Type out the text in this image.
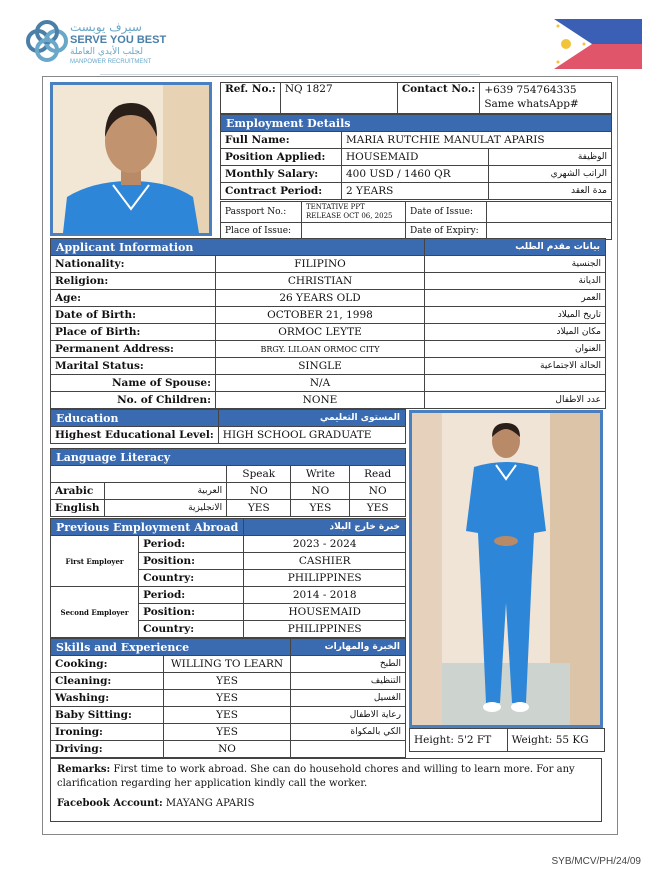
سيرف يوبست
SERVE YOU BEST
لجلب الأيدي العاملة
MANPOWER RECRUITMENT
Ref. No.:	NQ 1827	Contact No.:	+639 754764335
Same whatsApp#
Employment Details		
Full Name:	MARIA RUTCHIE MANULAT APARIS	
Position Applied:	HOUSEMAID	الوظيفة
Monthly Salary:	400 USD / 1460 QR	الراتب الشهري
Contract Period:	2 YEARS	مدة العقد
Passport No.:	TENTATIVE PPT RELEASE OCT 06, 2025	Date of Issue:	
Place of Issue:		Date of Expiry:	
Applicant Information		بيانات مقدم الطلب
Nationality:	FILIPINO	الجنسية
Religion:	CHRISTIAN	الديانة
Age:	26 YEARS OLD	العمر
Date of Birth:	OCTOBER 21, 1998	تاريخ الميلاد
Place of Birth:	ORMOC LEYTE	مكان الميلاد
Permanent Address:	BRGY. LILOAN ORMOC CITY	العنوان
Marital Status:	SINGLE	الحالة الاجتماعية
Name of Spouse:	N/A	
No. of Children:	NONE	عدد الاطفال
Education	المستوى التعليمي
Highest Educational Level:	HIGH SCHOOL GRADUATE
Language Literacy				
		Speak	Write	Read
Arabic	العربية	NO	NO	NO
English	الانجليزية	YES	YES	YES
Previous Employment Abroad		خبرة خارج البلاد
First Employer	Period:	2023 - 2024
	Position:	CASHIER
	Country:	PHILIPPINES
Second Employer	Period:	2014 - 2018
	Position:	HOUSEMAID
	Country:	PHILIPPINES
Skills and Experience		الخبرة والمهارات
Cooking:	WILLING TO LEARN	الطبخ
Cleaning:	YES	التنظيف
Washing:	YES	الغسيل
Baby Sitting:	YES	رعاية الاطفال
Ironing:	YES	الكي بالمكواة
Driving:	NO	
Height: 5'2 FT	Weight: 55 KG
Remarks: First time to work abroad. She can do household chores and willing to learn more. For any clarification regarding her application kindly call the worker.
Facebook Account: MAYANG APARIS
SYB/MCV/PH/24/09
